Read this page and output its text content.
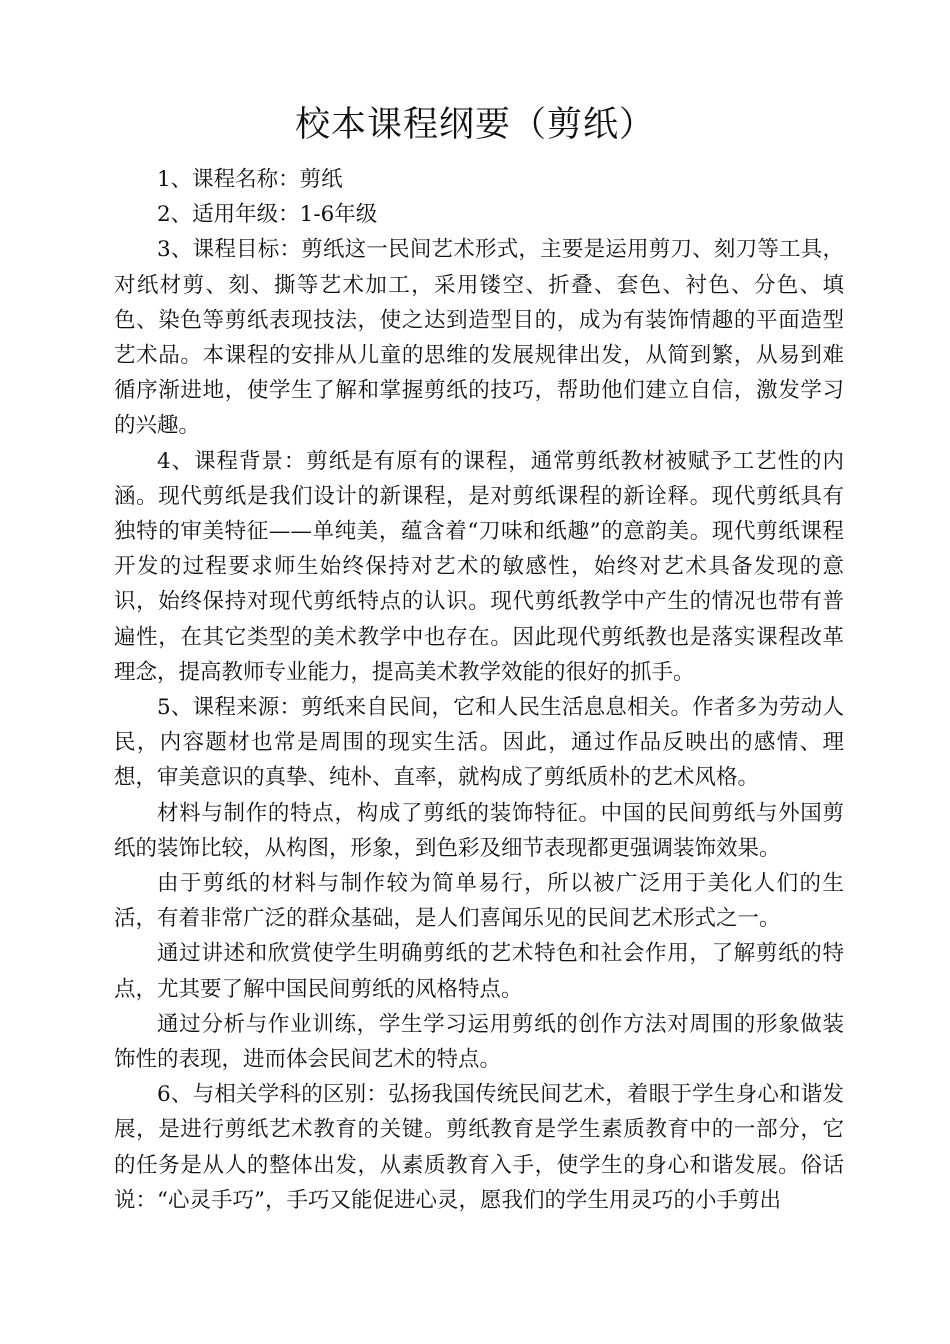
校本课程纲要（剪纸）

1、课程名称：剪纸

2、适用年级：1-6年级

3、课程目标：剪纸这一民间艺术形式，主要是运用剪刀、刻刀等工具，对纸材剪、刻、撕等艺术加工，采用镂空、折叠、套色、衬色、分色、填色、染色等剪纸表现技法，使之达到造型目的，成为有装饰情趣的平面造型艺术品。本课程的安排从儿童的思维的发展规律出发，从简到繁，从易到难循序渐进地，使学生了解和掌握剪纸的技巧，帮助他们建立自信，激发学习的兴趣。

4、课程背景：剪纸是有原有的课程，通常剪纸教材被赋予工艺性的内涵。现代剪纸是我们设计的新课程，是对剪纸课程的新诠释。现代剪纸具有独特的审美特征——单纯美，蕴含着“刀味和纸趣”的意韵美。现代剪纸课程开发的过程要求师生始终保持对艺术的敏感性，始终对艺术具备发现的意识，始终保持对现代剪纸特点的认识。现代剪纸教学中产生的情况也带有普遍性，在其它类型的美术教学中也存在。因此现代剪纸教也是落实课程改革理念，提高教师专业能力，提高美术教学效能的很好的抓手。

5、课程来源：剪纸来自民间，它和人民生活息息相关。作者多为劳动人民，内容题材也常是周围的现实生活。因此，通过作品反映出的感情、理想，审美意识的真挚、纯朴、直率，就构成了剪纸质朴的艺术风格。

材料与制作的特点，构成了剪纸的装饰特征。中国的民间剪纸与外国剪纸的装饰比较，从构图，形象，到色彩及细节表现都更强调装饰效果。

由于剪纸的材料与制作较为简单易行，所以被广泛用于美化人们的生活，有着非常广泛的群众基础，是人们喜闻乐见的民间艺术形式之一。

通过讲述和欣赏使学生明确剪纸的艺术特色和社会作用，了解剪纸的特点，尤其要了解中国民间剪纸的风格特点。

通过分析与作业训练，学生学习运用剪纸的创作方法对周围的形象做装饰性的表现，进而体会民间艺术的特点。

6、与相关学科的区别：弘扬我国传统民间艺术，着眼于学生身心和谐发展，是进行剪纸艺术教育的关键。剪纸教育是学生素质教育中的一部分，它的任务是从人的整体出发，从素质教育入手，使学生的身心和谐发展。俗话说：“心灵手巧”，手巧又能促进心灵，愿我们的学生用灵巧的小手剪出
